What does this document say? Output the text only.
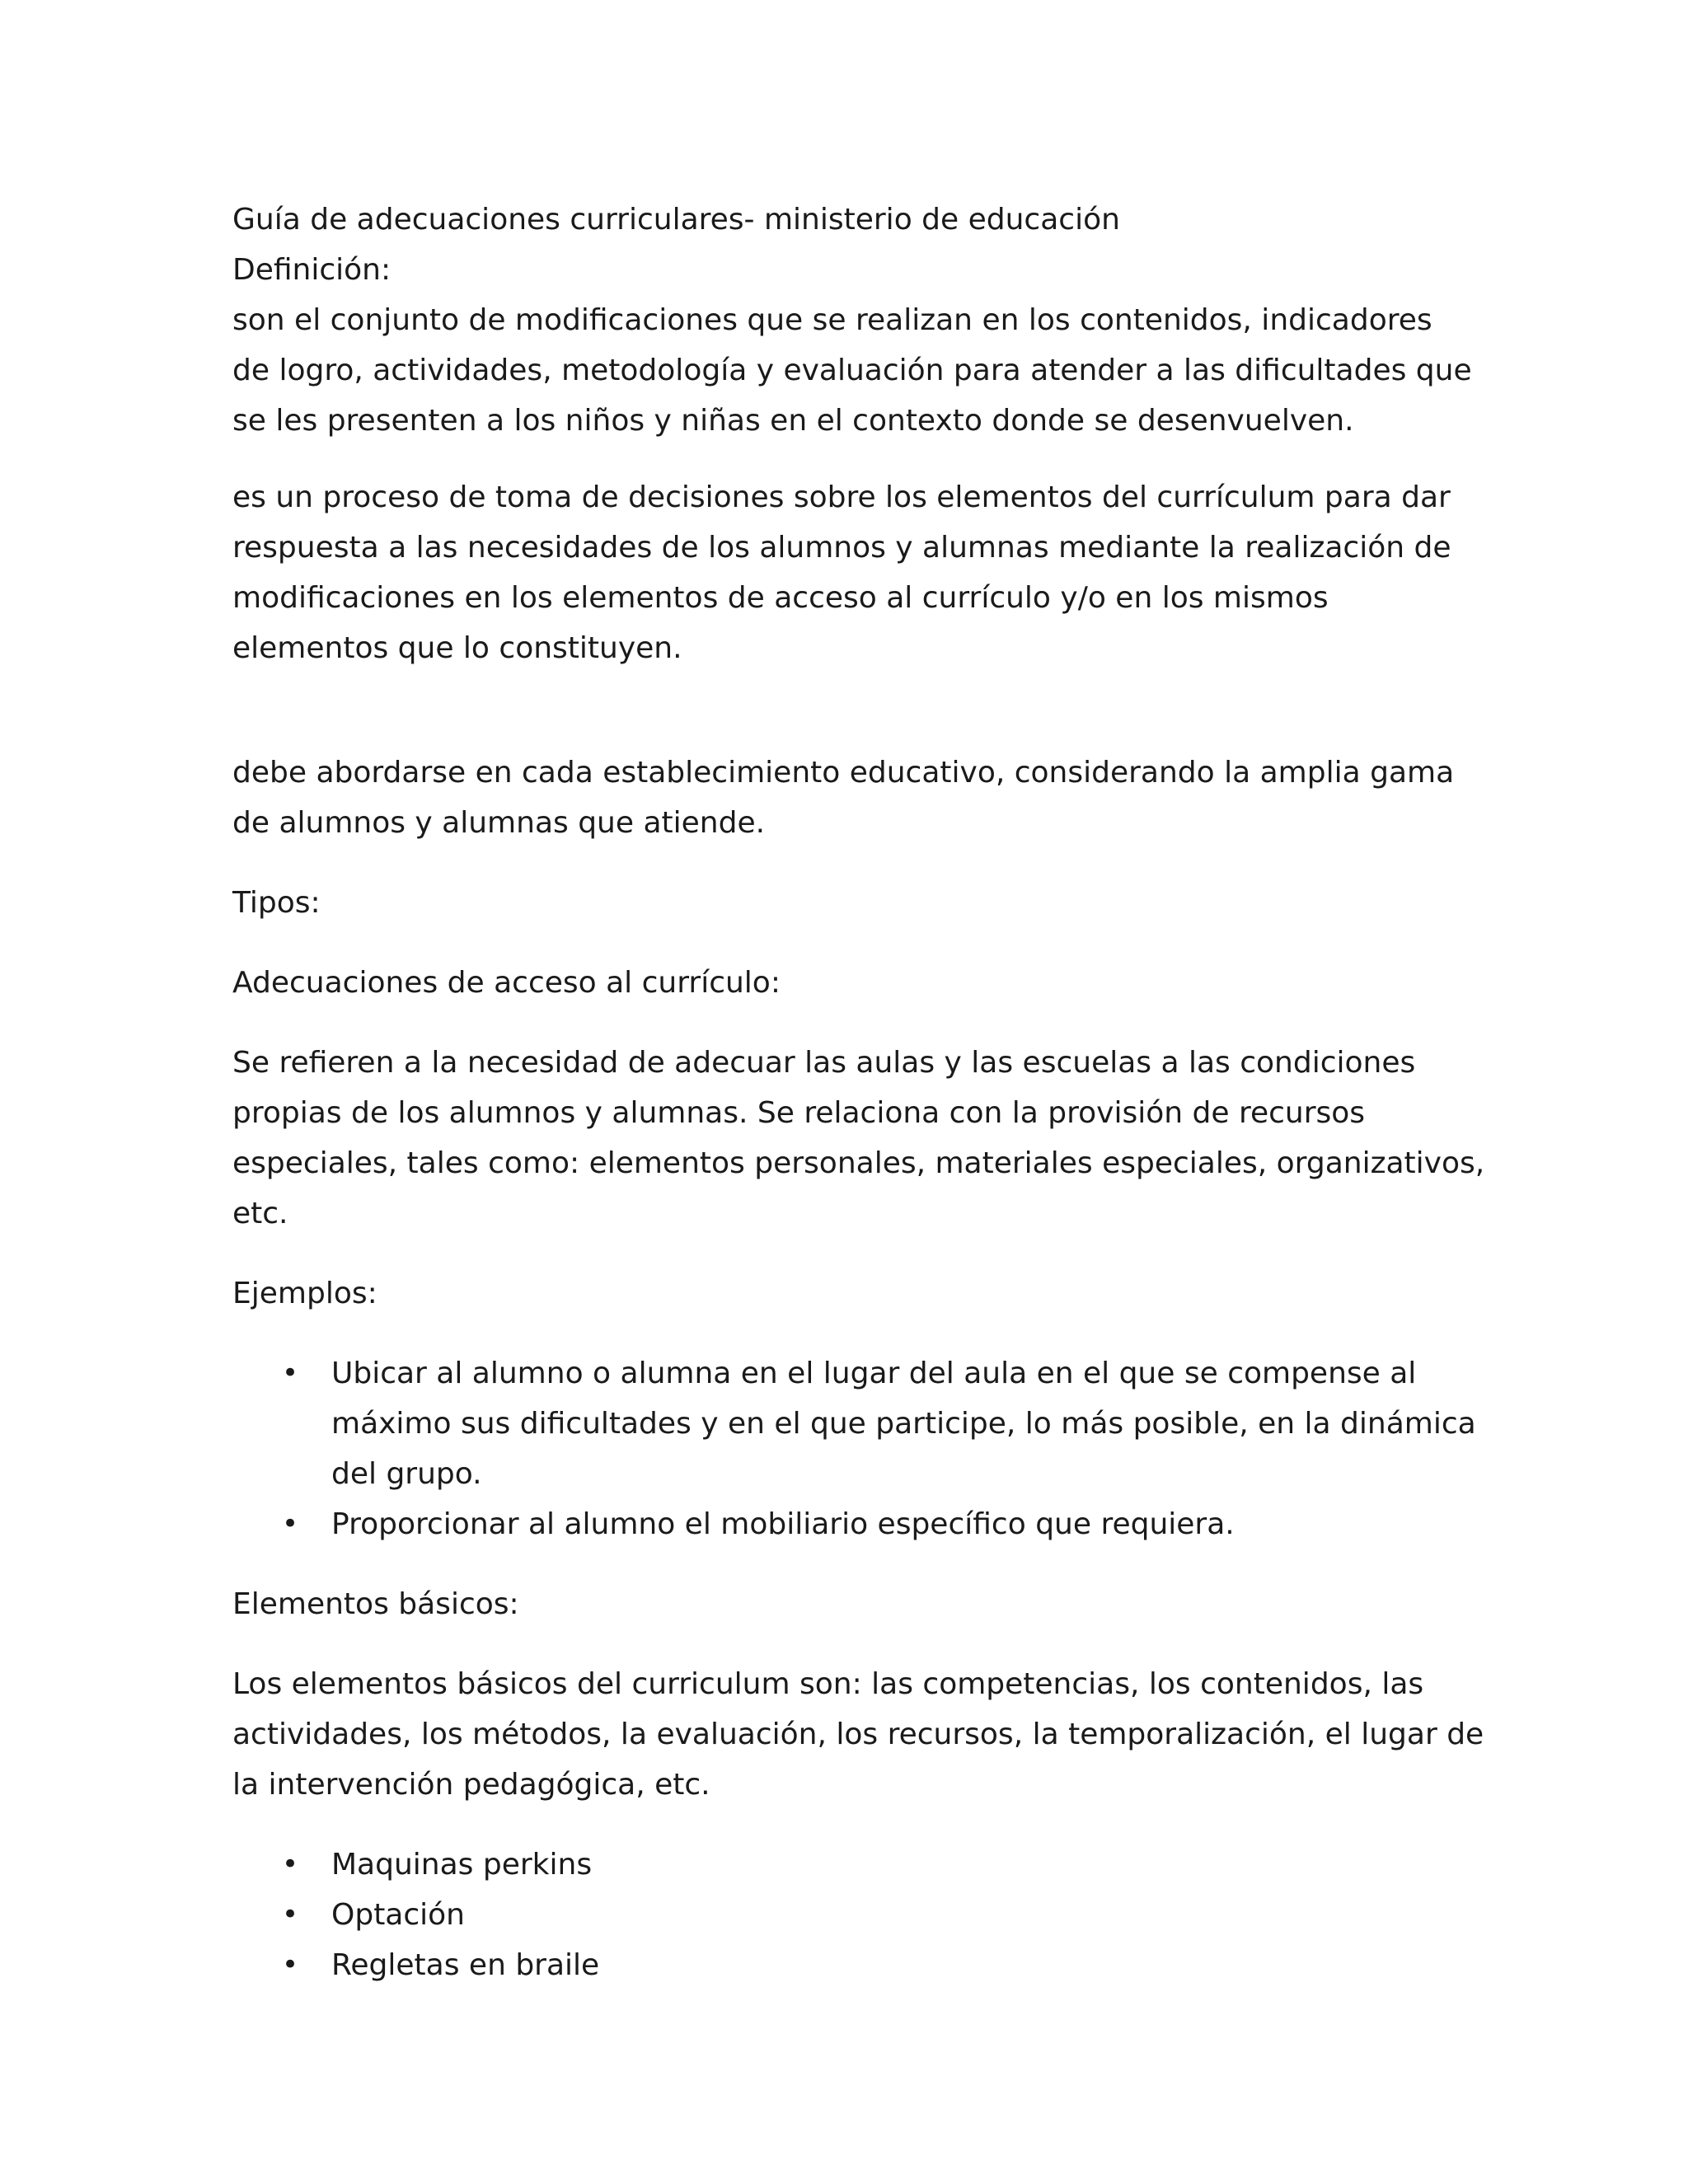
Guía de adecuaciones curriculares- ministerio de educación
Definición:

son el conjunto de modificaciones que se realizan en los contenidos, indicadores
de logro, actividades, metodología y evaluación para atender a las dificultades que
se les presenten a los niños y niñas en el contexto donde se desenvuelven.

es un proceso de toma de decisiones sobre los elementos del currículum para dar
respuesta a las necesidades de los alumnos y alumnas mediante la realización de
modificaciones en los elementos de acceso al currículo y/o en los mismos
elementos que lo constituyen.

debe abordarse en cada establecimiento educativo, considerando la amplia gama
de alumnos y alumnas que atiende.

Tipos:
Adecuaciones de acceso al currículo:

Se refieren a la necesidad de adecuar las aulas y las escuelas a las condiciones
propias de los alumnos y alumnas. Se relaciona con la provisión de recursos
especiales, tales como: elementos personales, materiales especiales, organizativos,
etc.

Ejemplos:
• Ubicar al alumno o alumna en el lugar del aula en el que se compense al
máximo sus dificultades y en el que participe, lo más posible, en la dinámica
del grupo.
• Proporcionar al alumno el mobiliario específico que requiera.
Elementos básicos:

Los elementos básicos del curriculum son: las competencias, los contenidos, las
actividades, los métodos, la evaluación, los recursos, la temporalización, el lugar de
la intervención pedagógica, etc.

• Maquinas perkins
• Optación
• Regletas en braile
